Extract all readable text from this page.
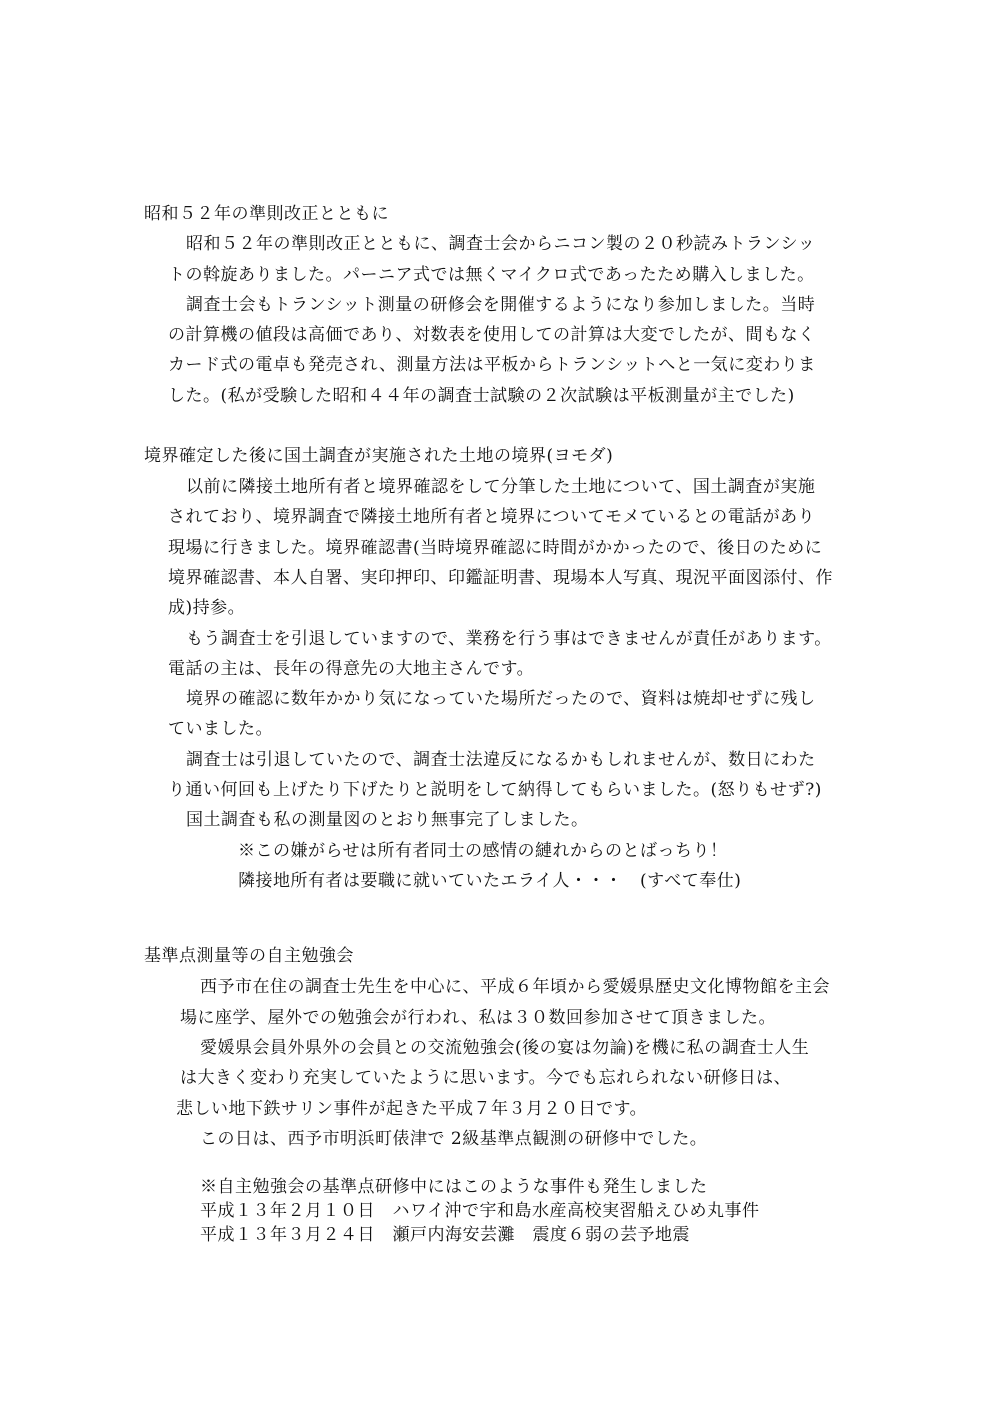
昭和５２年の準則改正とともに
昭和５２年の準則改正とともに、調査士会からニコン製の２０秒読みトランシッ
トの斡旋ありました。パーニア式では無くマイクロ式であったため購入しました。
調査士会もトランシット測量の研修会を開催するようになり参加しました。当時
の計算機の値段は高価であり、対数表を使用しての計算は大変でしたが、間もなく
カード式の電卓も発売され、測量方法は平板からトランシットへと一気に変わりま
した。(私が受験した昭和４４年の調査士試験の２次試験は平板測量が主でした)
境界確定した後に国土調査が実施された土地の境界(ヨモダ)
以前に隣接土地所有者と境界確認をして分筆した土地について、国土調査が実施
されており、境界調査で隣接土地所有者と境界についてモメているとの電話があり
現場に行きました。境界確認書(当時境界確認に時間がかかったので、後日のために
境界確認書、本人自署、実印押印、印鑑証明書、現場本人写真、現況平面図添付、作
成)持参。
もう調査士を引退していますので、業務を行う事はできませんが責任があります。
電話の主は、長年の得意先の大地主さんです。
境界の確認に数年かかり気になっていた場所だったので、資料は焼却せずに残し
ていました。
調査士は引退していたので、調査士法違反になるかもしれませんが、数日にわた
り通い何回も上げたり下げたりと説明をして納得してもらいました。(怒りもせず?)
国土調査も私の測量図のとおり無事完了しました。
※この嫌がらせは所有者同士の感情の縺れからのとばっちり！
隣接地所有者は要職に就いていたエライ人・・・　(すべて奉仕)
基準点測量等の自主勉強会
西予市在住の調査士先生を中心に、平成６年頃から愛媛県歴史文化博物館を主会
場に座学、屋外での勉強会が行われ、私は３０数回参加させて頂きました。
愛媛県会員外県外の会員との交流勉強会(後の宴は勿論)を機に私の調査士人生
は大きく変わり充実していたように思います。今でも忘れられない研修日は、
悲しい地下鉄サリン事件が起きた平成７年３月２０日です。
この日は、西予市明浜町俵津で 2級基準点観測の研修中でした。
※自主勉強会の基準点研修中にはこのような事件も発生しました
平成１３年２月１０日　ハワイ沖で宇和島水産高校実習船えひめ丸事件
平成１３年３月２４日　瀬戸内海安芸灘　震度６弱の芸予地震
